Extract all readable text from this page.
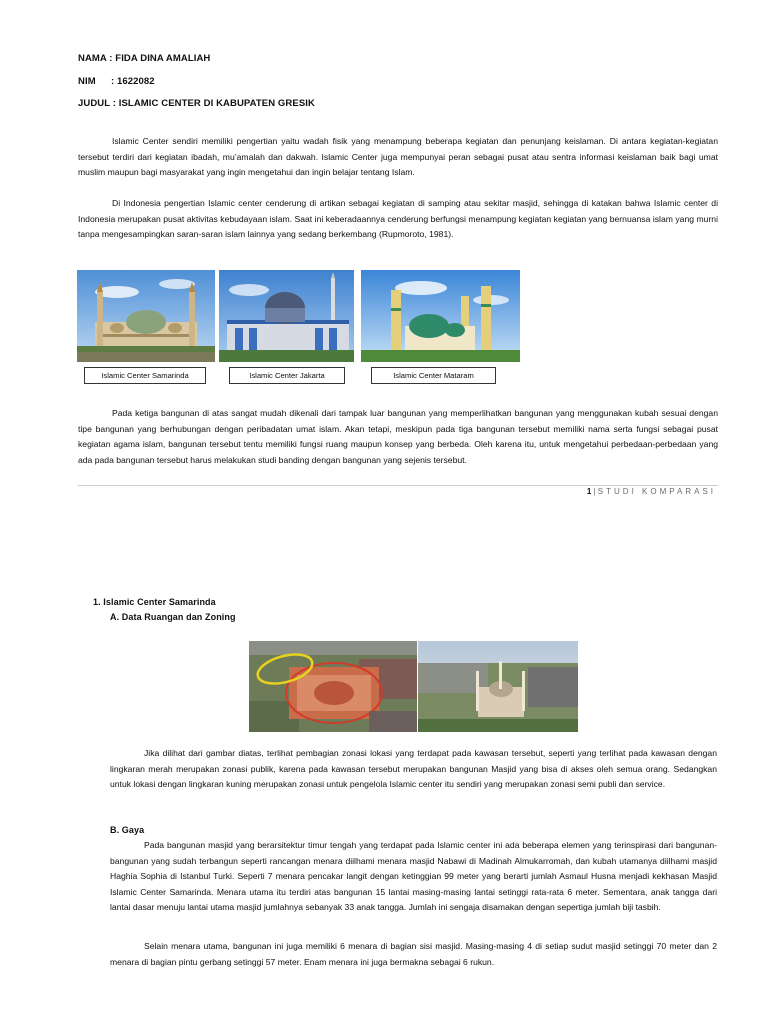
NAMA : FIDA DINA AMALIAH
NIM : 1622082
JUDUL : ISLAMIC CENTER DI KABUPATEN GRESIK

Islamic Center sendiri memiliki pengertian yaitu wadah fisik yang menampung beberapa kegiatan dan penunjang keislaman. Di antara kegiatan-kegiatan tersebut terdiri dari kegiatan ibadah, mu’amalah dan dakwah. Islamic Center juga mempunyai peran sebagai pusat atau sentra informasi keislaman baik bagi umat muslim maupun bagi masyarakat yang ingin mengetahui dan ingin belajar tentang Islam.

Di Indonesia pengertian Islamic center cenderung di artikan sebagai kegiatan di samping atau sekitar masjid, sehingga di katakan bahwa Islamic center di Indonesia merupakan pusat aktivitas kebudayaan islam. Saat ini keberadaannya cenderung berfungsi menampung kegiatan kegiatan yang bernuansa islam yang murni tanpa mengesampingkan saran-saran islam lainnya yang sedang berkembang (Rupmoroto, 1981).

Islamic Center Samarinda	Islamic Center Jakarta	Islamic Center Mataram

Pada ketiga bangunan di atas sangat mudah dikenali dari tampak luar bangunan yang memperlihatkan bangunan yang menggunakan kubah sesuai dengan tipe bangunan yang berhubungan dengan peribadatan umat islam. Akan tetapi, meskipun pada tiga bangunan tersebut memiliki nama serta fungsi sebagai pusat kegiatan agama islam, bangunan tersebut tentu memiliki fungsi ruang maupun konsep yang berbeda. Oleh karena itu, untuk mengetahui perbedaan-perbedaan yang ada pada bangunan tersebut harus melakukan studi banding dengan bangunan yang sejenis tersebut.

1 | STUDI KOMPARASI
1. Islamic Center Samarinda
A. Data Ruangan dan Zoning

Jika dilihat dari gambar diatas, terlihat pembagian zonasi lokasi yang terdapat pada kawasan tersebut, seperti yang terlihat pada kawasan dengan lingkaran merah merupakan zonasi publik, karena pada kawasan tersebut merupakan bangunan Masjid yang bisa di akses oleh semua orang. Sedangkan untuk lokasi dengan lingkaran kuning merupakan zonasi untuk pengelola Islamic center itu sendiri yang merupakan zonasi semi publi dan service.

B. Gaya

Pada bangunan masjid yang berarsitektur timur tengah yang terdapat pada Islamic center ini ada beberapa elemen yang terinspirasi dari bangunan-bangunan yang sudah terbangun seperti rancangan menara diilhami menara masjid Nabawi di Madinah Almukarromah, dan kubah utamanya diilhami masjid Haghia Sophia di Istanbul Turki. Seperti 7 menara pencakar langit dengan ketinggian 99 meter yang berarti jumlah Asmaul Husna menjadi kekhasan Masjid Islamic Center Samarinda. Menara utama itu terdiri atas bangunan 15 lantai masing-masing lantai setinggi rata-rata 6 meter. Sementara, anak tangga dari lantai dasar menuju lantai utama masjid jumlahnya sebanyak 33 anak tangga. Jumlah ini sengaja disamakan dengan sepertiga jumlah biji tasbih.

Selain menara utama, bangunan ini juga memiliki 6 menara di bagian sisi masjid. Masing-masing 4 di setiap sudut masjid setinggi 70 meter dan 2 menara di bagian pintu gerbang setinggi 57 meter. Enam menara ini juga bermakna sebagai 6 rukun.
